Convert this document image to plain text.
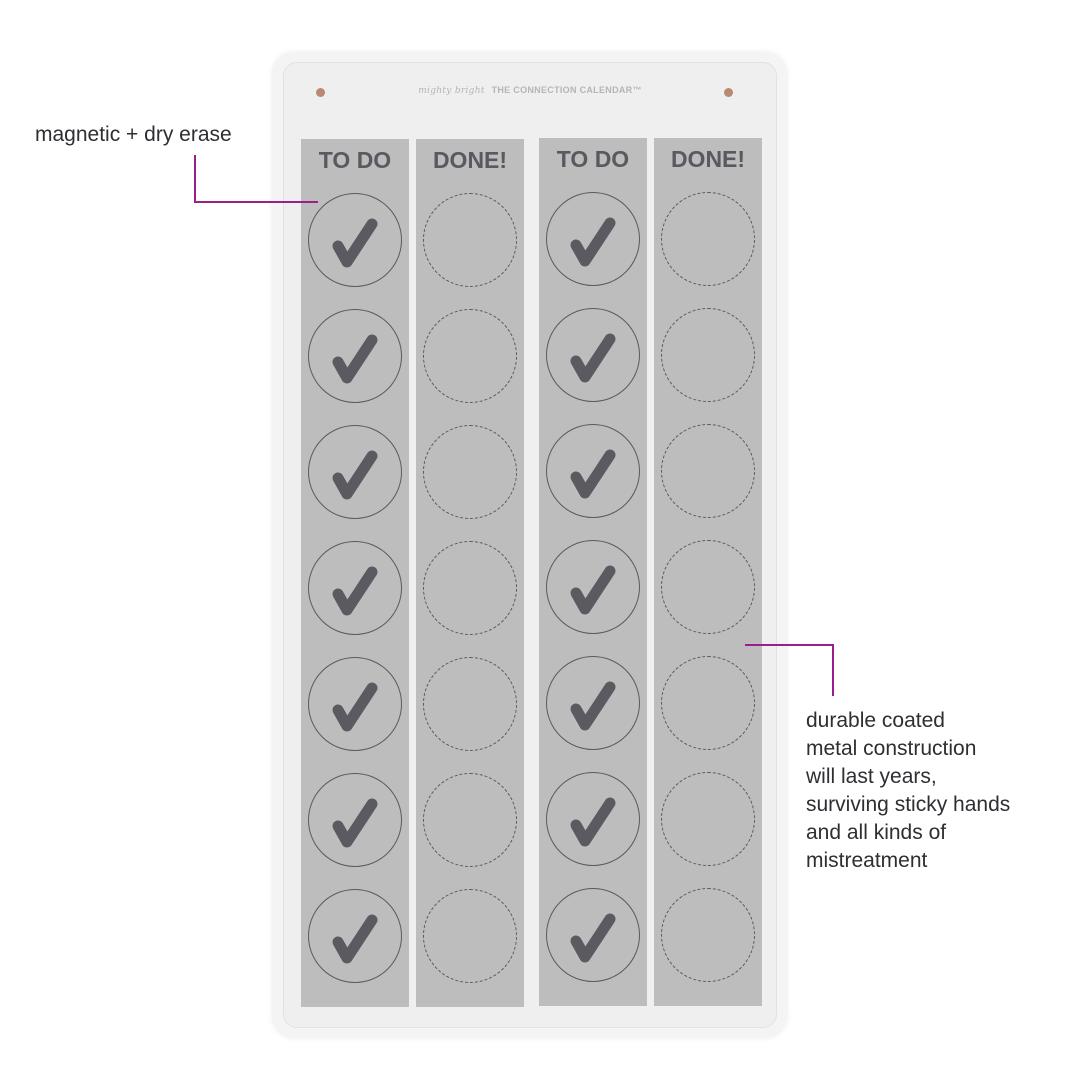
mighty bright THE CONNECTION CALENDAR™
TO DO	DONE!	TO DO	DONE!
magnetic + dry erase
durable coated
metal construction
will last years,
surviving sticky hands
and all kinds of
mistreatment
